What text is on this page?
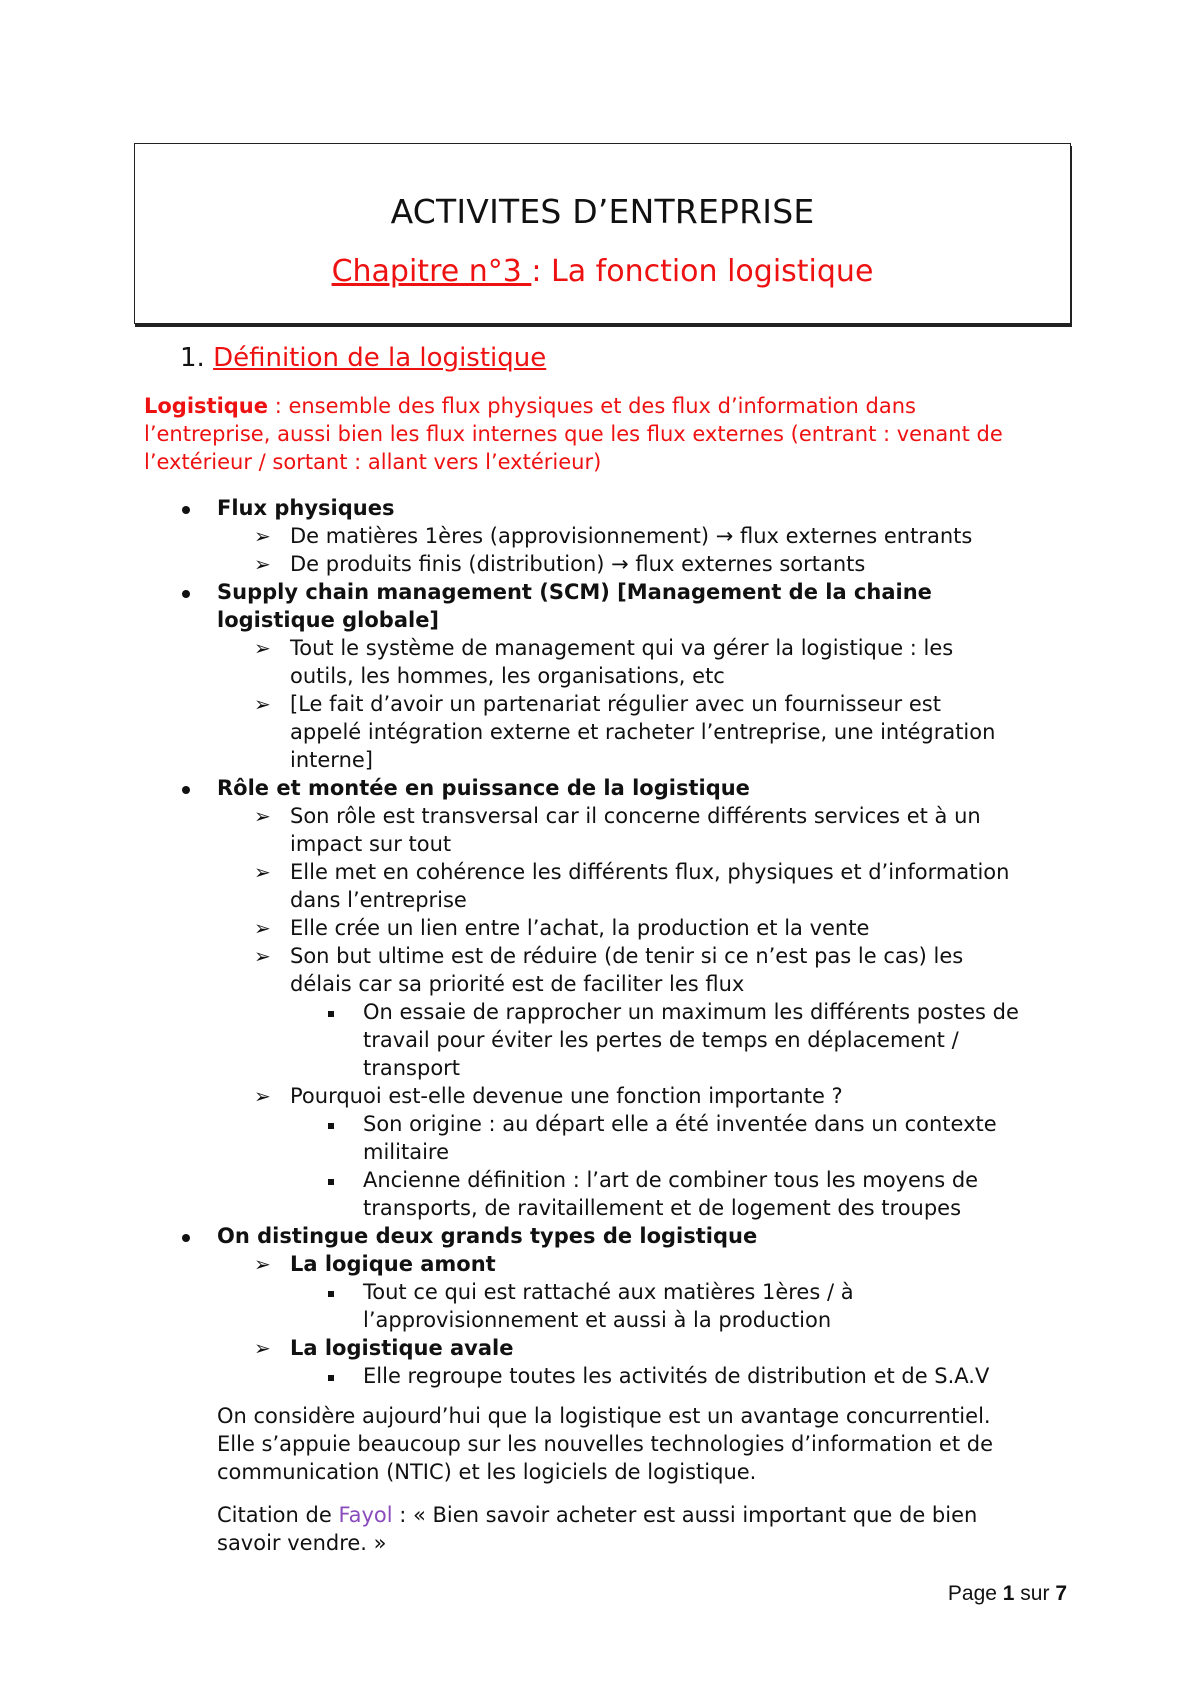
ACTIVITES D’ENTREPRISE
Chapitre n°3 : La fonction logistique
1. Définition de la logistique
Logistique : ensemble des flux physiques et des flux d’information dans
l’entreprise, aussi bien les flux internes que les flux externes (entrant : venant de
l’extérieur / sortant : allant vers l’extérieur)
Flux physiques
➢ De matières 1ères (approvisionnement) → flux externes entrants
➢ De produits finis (distribution) → flux externes sortants
Supply chain management (SCM) [Management de la chaine
logistique globale]
➢ Tout le système de management qui va gérer la logistique : les
outils, les hommes, les organisations, etc
➢ [Le fait d’avoir un partenariat régulier avec un fournisseur est
appelé intégration externe et racheter l’entreprise, une intégration
interne]
Rôle et montée en puissance de la logistique
➢ Son rôle est transversal car il concerne différents services et à un
impact sur tout
➢ Elle met en cohérence les différents flux, physiques et d’information
dans l’entreprise
➢ Elle crée un lien entre l’achat, la production et la vente
➢ Son but ultime est de réduire (de tenir si ce n’est pas le cas) les
délais car sa priorité est de faciliter les flux
On essaie de rapprocher un maximum les différents postes de
travail pour éviter les pertes de temps en déplacement /
transport
➢ Pourquoi est-elle devenue une fonction importante ?
Son origine : au départ elle a été inventée dans un contexte
militaire
Ancienne définition : l’art de combiner tous les moyens de
transports, de ravitaillement et de logement des troupes
On distingue deux grands types de logistique
➢ La logique amont
Tout ce qui est rattaché aux matières 1ères / à
l’approvisionnement et aussi à la production
➢ La logistique avale
Elle regroupe toutes les activités de distribution et de S.A.V
On considère aujourd’hui que la logistique est un avantage concurrentiel.
Elle s’appuie beaucoup sur les nouvelles technologies d’information et de
communication (NTIC) et les logiciels de logistique.
Citation de Fayol : « Bien savoir acheter est aussi important que de bien
savoir vendre. »
Page 1 sur 7
